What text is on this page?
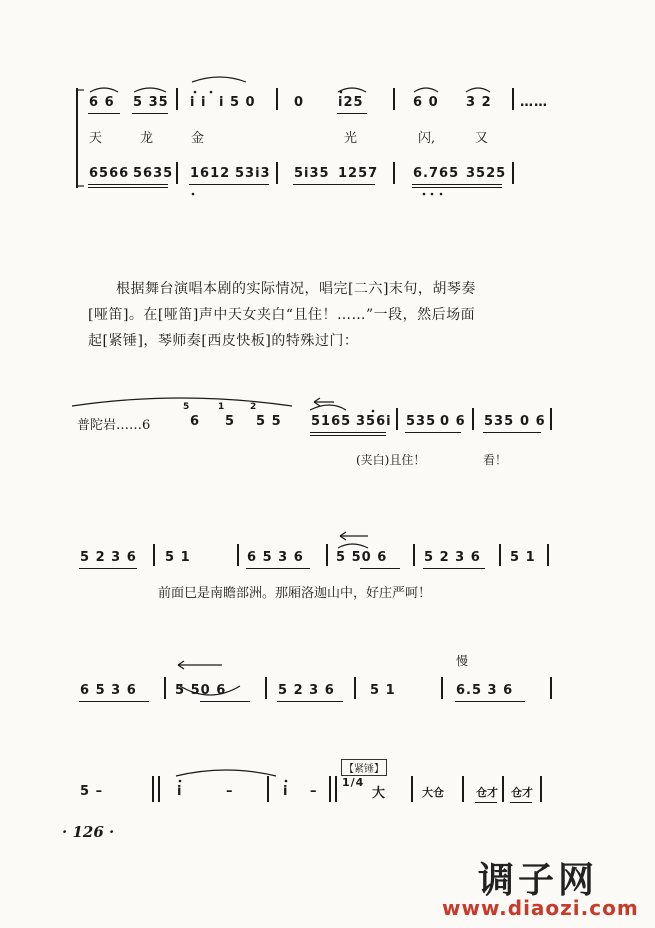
6 6 5 35 i i i 5 0	0	i25	6 0 3 2 ……
天	龙	金	光	闪,	又
6566 5635 1612 53i3 5i35 1257	6.765 3525
根据舞台演唱本剧的实际情况，唱完[二六]末句，胡琴奏
[哑笛]。在[哑笛]声中天女夹白“且住！……”一段，然后场面
起[紧锤]，琴师奏[西皮快板]的特殊过门：
普陀岩……6	6 5 5 5 5165 356i 535 0 6 535 0 6
5	1	2
(夹白)且住！	看！
5 2 3 6 5 1	6 5 3 6 5 50 6	5 2 3 6 5 1
前面巳是南瞻部洲。那厢洛迦山中，好庄严呵！
慢
6 5 3 6	5 50 6	5 2 3 6	5 1	6.5 3 6
【紧锤】
5 –	i	–	i –
1/4
大	大仓	仓才 仓才
· 126 ·
调子网
www.diaozi.com
